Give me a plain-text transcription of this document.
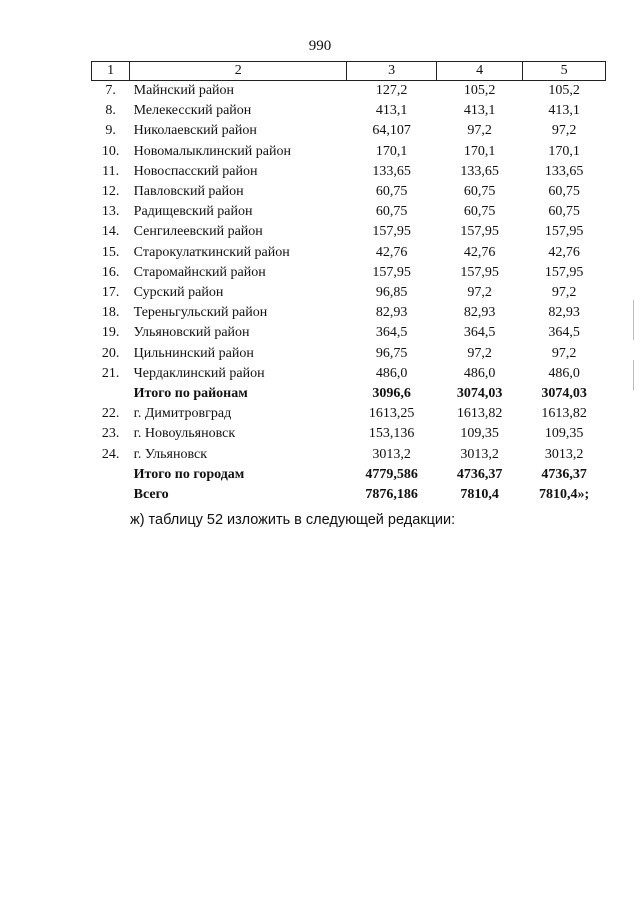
990
1	2	3	4	5
7.	Майнский район	127,2	105,2	105,2
8.	Мелекесский район	413,1	413,1	413,1
9.	Николаевский район	64,107	97,2	97,2
10.	Новомалыклинский район	170,1	170,1	170,1
11.	Новоспасский район	133,65	133,65	133,65
12.	Павловский район	60,75	60,75	60,75
13.	Радищевский район	60,75	60,75	60,75
14.	Сенгилеевский район	157,95	157,95	157,95
15.	Старокулаткинский район	42,76	42,76	42,76
16.	Старомайнский район	157,95	157,95	157,95
17.	Сурский район	96,85	97,2	97,2
18.	Тереньгульский район	82,93	82,93	82,93
19.	Ульяновский район	364,5	364,5	364,5
20.	Цильнинский район	96,75	97,2	97,2
21.	Чердаклинский район	486,0	486,0	486,0
	Итого по районам	3096,6	3074,03	3074,03
22.	г. Димитровград	1613,25	1613,82	1613,82
23.	г. Новоульяновск	153,136	109,35	109,35
24.	г. Ульяновск	3013,2	3013,2	3013,2
	Итого по городам	4779,586	4736,37	4736,37
	Всего	7876,186	7810,4	7810,4»;
ж) таблицу 52 изложить в следующей редакции:
